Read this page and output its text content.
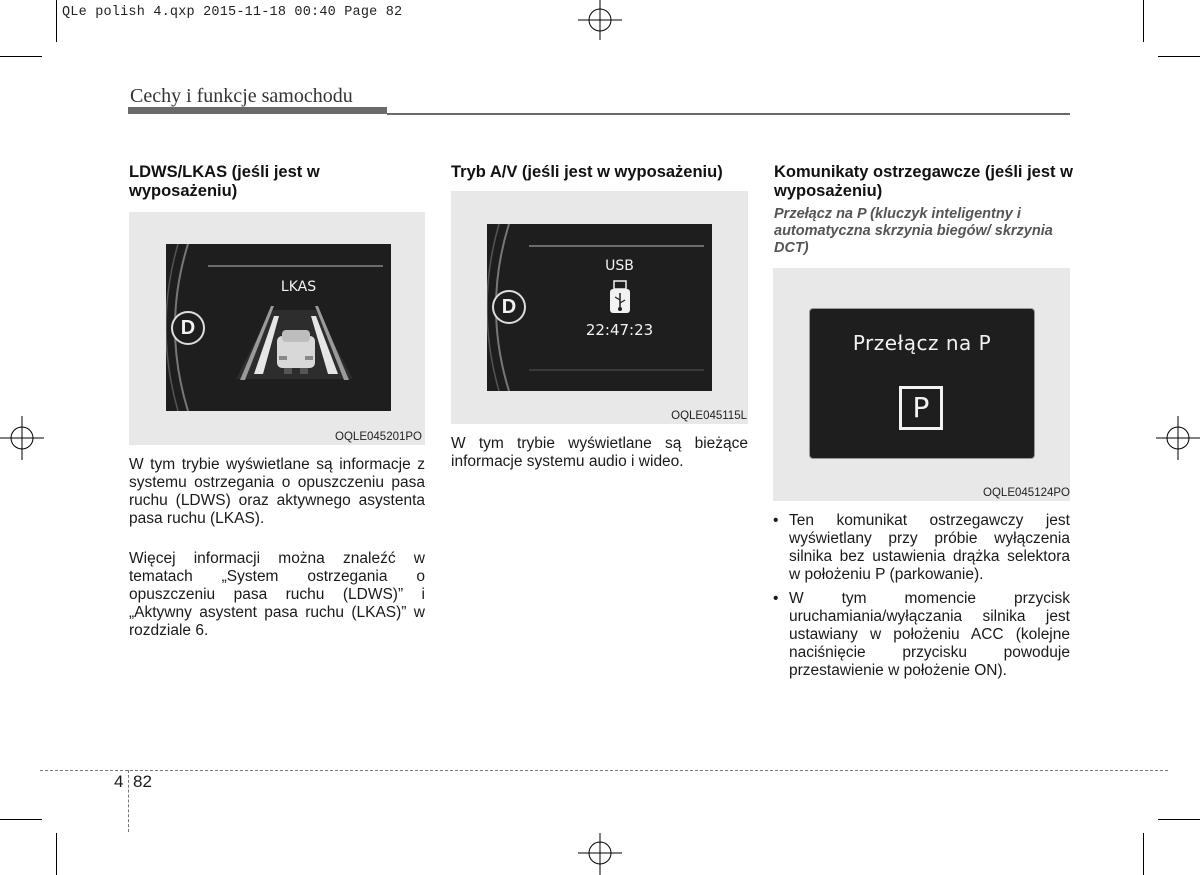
QLe polish 4.qxp 2015-11-18 00:40 Page 82
Cechy i funkcje samochodu
LDWS/LKAS (jeśli jest w wyposażeniu)
LKAS
D
OQLE045201PO
W tym trybie wyświetlane są informacje z systemu ostrzegania o opuszczeniu pasa ruchu (LDWS) oraz aktywnego asystenta pasa ruchu (LKAS).
Więcej informacji można znaleźć w tematach „System ostrzegania o opuszczeniu pasa ruchu (LDWS)” i „Aktywny asystent pasa ruchu (LKAS)” w rozdziale 6.
Tryb A/V (jeśli jest w wyposażeniu)
USB
22:47:23
D
OQLE045115L
W tym trybie wyświetlane są bieżące informacje systemu audio i wideo.
Komunikaty ostrzegawcze (jeśli jest w wyposażeniu)
Przełącz na P (kluczyk inteligentny i automatyczna skrzynia biegów/ skrzynia DCT)
Przełącz na P
P
OQLE045124PO
• Ten komunikat ostrzegawczy jest wyświetlany przy próbie wyłączenia silnika bez ustawienia drążka selektora w położeniu P (parkowanie).
• W tym momencie przycisk uruchamiania/wyłączania silnika jest ustawiany w położeniu ACC (kolejne naciśnięcie przycisku powoduje przestawienie w położenie ON).
4 82
